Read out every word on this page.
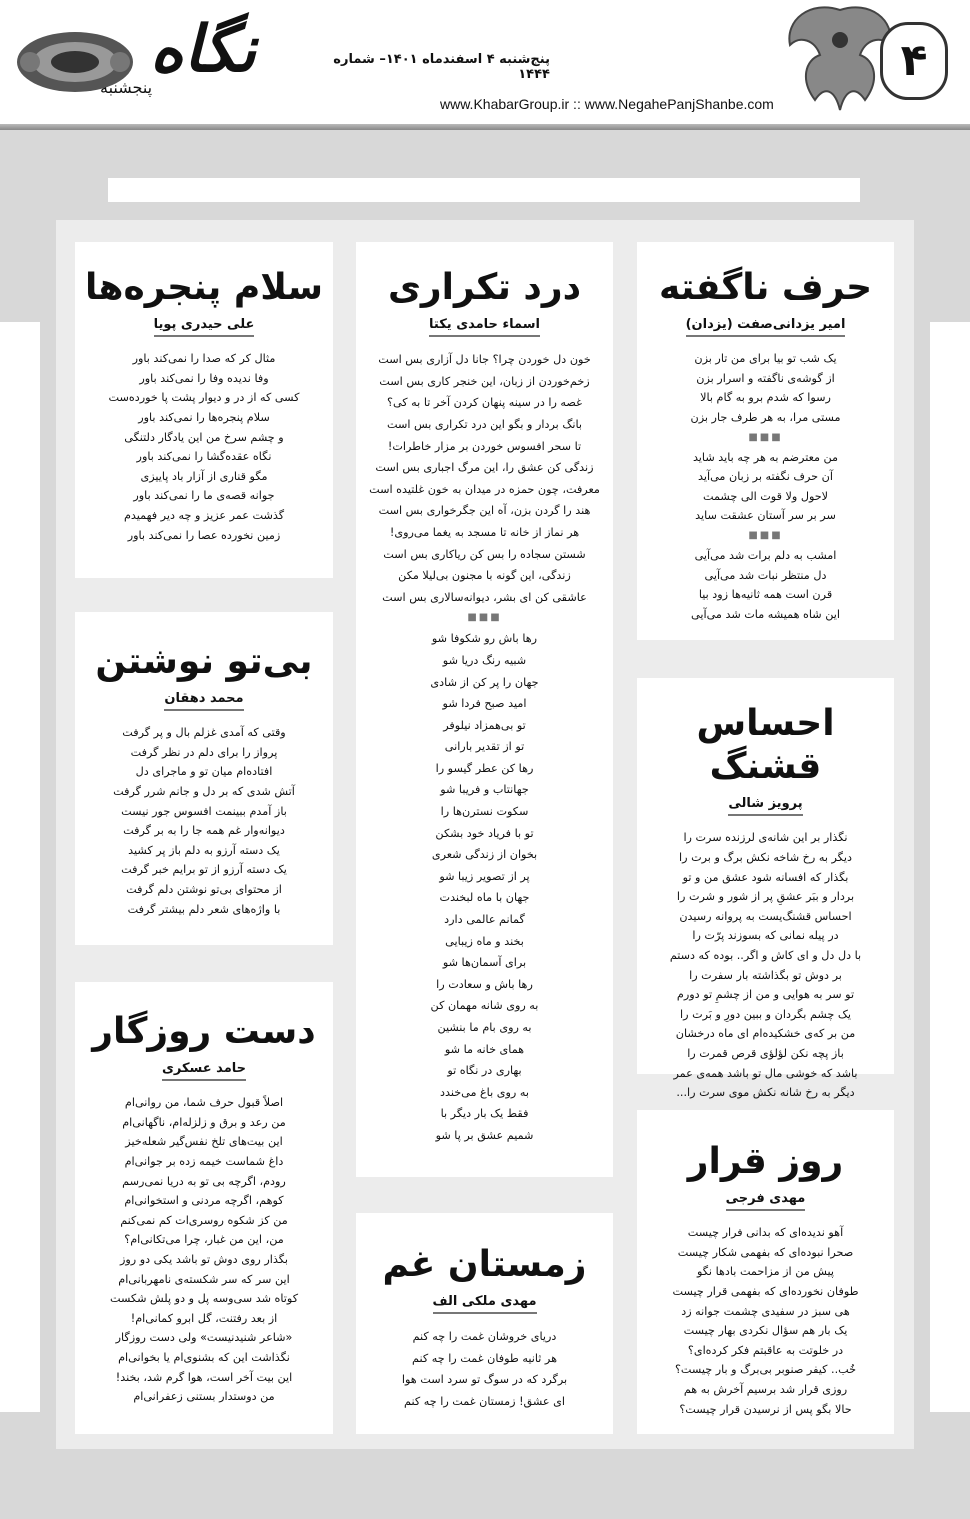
نگاه
پنجشنبه
پنج‌شنبه ۴ اسفندماه ۱۴۰۱– شماره ۱۴۴۴
www.KhabarGroup.ir :: www.NegahePanjShanbe.com
۴
حرف ناگفته
امیر یزدانی‌صفت (یزدان)

یک شب تو بیا برای من تار بزن

از گوشه‌ی ناگفته و اسرار بزن

رسوا که شدم برو به گام بالا

مستی مرا، به هر طرف جار بزن

■■■

من معترضم به هر چه باید شاید

آن حرف نگفته بر زبان می‌آید

لاحول ولا قوت الی چشمت

سر بر سر آستان عشقت ساید

■■■

امشب به دلم برات شد می‌آیی

دل منتظر نبات شد می‌آیی

قرن است همه ثانیه‌ها زود بیا

این شاه همیشه مات شد می‌آیی

احساس قشنگ
پرویز شالی

نگذار بر این شانه‌ی لرزنده سرت را

دیگر به رخ شاخه نکش برگ و برت را

بگذار که افسانه شود عشق من و تو

بردار و ببَر عشقِ پر از شور و شرت را

احساس قشنگ‌یست به پروانه رسیدن

در پیله نمانی که بسوزند پرّت را

با دل دل و ای کاش و اگر.. بوده که دستم

بر دوش تو بگذاشته بار سفرت را

تو سر به هوایی و من از چشمِ تو دورم

یک چشم بگردان و ببین دورِ و بَرت را

من بر که‌ی خشکیده‌ام ای ماه درخشان

باز پچه نکن لؤلؤی قرص قمرت را

باشد که خوشی مال تو باشد همه‌ی عمر

دیگر به رخ شانه نکش موی سرت را...

روز قرار
مهدی فرجی

آهو ندیده‌ای که بدانی فرار چیست

صحرا نبوده‌ای که بفهمی شکار چیست

پیش من از مزاحمت بادها نگو

طوفان نخورده‌ای که بفهمی قرار چیست

هی سبز در سفیدی چشمت جوانه زد

یک بار هم سؤال نکردی بهار چیست

در خلوتت به عاقبتم فکر کرده‌ای؟

خُب.. کیفر صنوبر بی‌برگ و بار چیست؟

روزی قرار شد برسیم آخرش به هم

حالا بگو پس از نرسیدن قرار چیست؟

درد تکراری
اسماء حامدی یکتا

خون دل خوردن چرا؟ جانا دل آزاری بس است

زخم‌خوردن از زبان، این خنجر کاری بس است

غصه را در سینه پنهان کردن آخر تا به کی؟

بانگ بردار و بگو این درد تکراری بس است

تا سحر افسوس خوردن بر مزار خاطرات!

زندگی کن عشق را، این مرگ اجباری بس است

معرفت، چون حمزه در میدان به خون غلتیده است

هند را گردن بزن، آه این جگرخواری بس است

هر نماز از خانه تا مسجد به یغما می‌روی!

شستن سجاده را بس کن ریاکاری بس است

زندگی، این گونه با مجنون بی‌لیلا مکن

عاشقی کن ای بشر، دیوانه‌سالاری بس است

■■■

رها باش رو شکوفا شو

شبیه رنگ دریا شو

جهان را پر کن از شادی

امید صبح فردا شو

تو بی‌همزاد نیلوفر

تو از تقدیر بارانی

رها کن عطر گیسو را

جهانتاب و فریبا شو

سکوت نسترن‌ها را

تو با فریاد خود بشکن

بخوان از زندگی شعری

پر از تصویر زیبا شو

جهان با ماه لبخندت

گمانم عالمی دارد

بخند و ماه زیبایی

برای آسمان‌ها شو

رها باش و سعادت را

به روی شانه مهمان کن

به روی بام ما بنشین

همای خانه ما شو

بهاری در نگاه تو

به روی باغ می‌خندد

فقط یک بار دیگر با

شمیم عشق بر پا شو

زمستان غم
مهدی ملکی الف

دریای خروشان غمت را چه کنم

هر ثانیه طوفان غمت را چه کنم

برگرد که در سوگ تو سرد است هوا

ای عشق! زمستان غمت را چه کنم

سلام پنجره‌ها
علی حیدری پویا

مثال کر که صدا را نمی‌کند باور

وفا ندیده وفا را نمی‌کند باور

کسی که از در و دیوار پشت پا خورده‌ست

سلام پنجره‌ها را نمی‌کند باور

و چشم سرخ من این یادگار دلتنگی

نگاه عقده‌گشا را نمی‌کند باور

مگو قناری از آزار باد پاییزی

جوانه قصه‌ی ما را نمی‌کند باور

گذشت عمر عزیز و چه دیر فهمیدم

زمین نخورده عصا را نمی‌کند باور

بی‌تو نوشتن
محمد دهقان

وقتی که آمدی غزلم بال و پر گرفت

پرواز را برای دلم در نظر گرفت

افتاده‌ام میان تو و ماجرای دل

آتش شدی که بر دل و جانم شرر گرفت

باز آمدم ببینمت افسوس جور نیست

دیوانه‌وار غم همه جا را به بر گرفت

یک دسته آرزو به دلم باز پر کشید

یک دسته آرزو از تو برایم خبر گرفت

از محتوای بی‌تو نوشتن دلم گرفت

با واژه‌های شعر دلم بیشتر گرفت

دست روزگار
حامد عسکری

اصلاً قبول حرف شما، من روانی‌ام

من رعد و برق و زلزله‌ام، ناگهانی‌ام

این بیت‌های تلخ نفس‌گیر شعله‌خیز

داغ شماست خیمه زده بر جوانی‌ام

رودم، اگرچه بی تو به دریا نمی‌رسم

کوهم، اگرچه مردنی و استخوانی‌ام

من کز شکوه روسری‌ات کم نمی‌کنم

من، این من غبار، چرا می‌تکانی‌ام؟

بگذار روی دوش تو باشد یکی دو روز

این سر که سر شکسته‌ی نامهربانی‌ام

کوتاه شد سی‌وسه پل و دو پلش شکست

از بعد رفتنت، گل ابرو کمانی‌ام!

«شاعر شنیدنیست» ولی دست روزگار

نگذاشت این که بشنوی‌ام یا بخوانی‌ام

این بیت آخر است، هوا گرم شد، بخند!

من دوستدار بستنی زعفرانی‌ام
